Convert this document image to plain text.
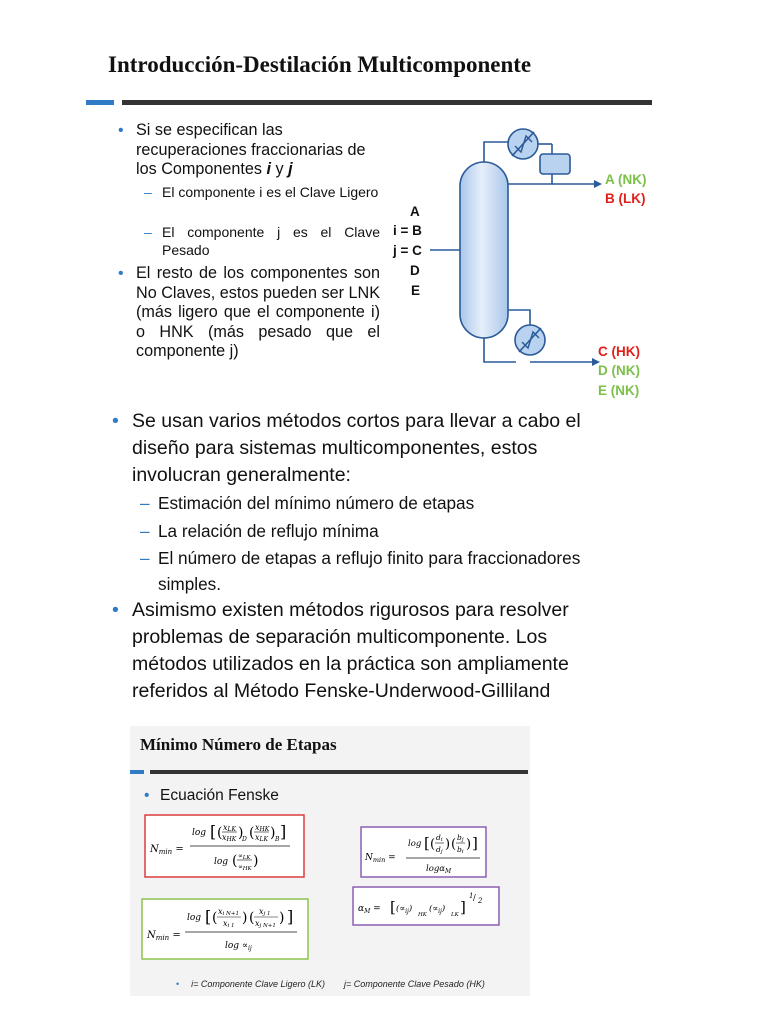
Introducción-Destilación Multicomponente
• Si se especifican las recuperaciones fraccionarias de los Componentes i y j
– El componente i es el Clave Ligero
– El componente j es el Clave Pesado
• El resto de los componentes son No Claves, estos pueden ser LNK (más ligero que el componente i) o HNK (más pesado que el componente j)
A
i = B
j = C
D
E
A (NK)
B (LK)
C (HK)
D (NK)
E (NK)
• Se usan varios métodos cortos para llevar a cabo el diseño para sistemas multicomponentes, estos involucran generalmente:
– Estimación del mínimo número de etapas
– La relación de reflujo mínima
– El número de etapas a reflujo finito para fraccionadores simples.
• Asimismo existen métodos rigurosos para resolver problemas de separación multicomponente. Los métodos utilizados en la práctica son ampliamente referidos al Método Fenske-Underwood-Gilliland
Mínimo Número de Etapas
• Ecuación Fenske
$N_{min}$ =
log [ ( xLK
xHK )
D ( xHK
xLK ) B ]
log ( ∝LK
∝HK )
$N_{min}$ =
log [ ( xi N+1
xi 1 ) ( xj 1
xj N+1 ) ]
$\log \propto_{ij}$
$N_{min}$ =
log [ ( di
dj ) ( bj
bi ) ]
logα$_M$
$\alpha_M$ = [ $(\propto_{ij})$
HK
$(\propto_{ij})$
LK ]
1 / 2
• i= Componente Clave Ligero (LK) j= Componente Clave Pesado (HK)
